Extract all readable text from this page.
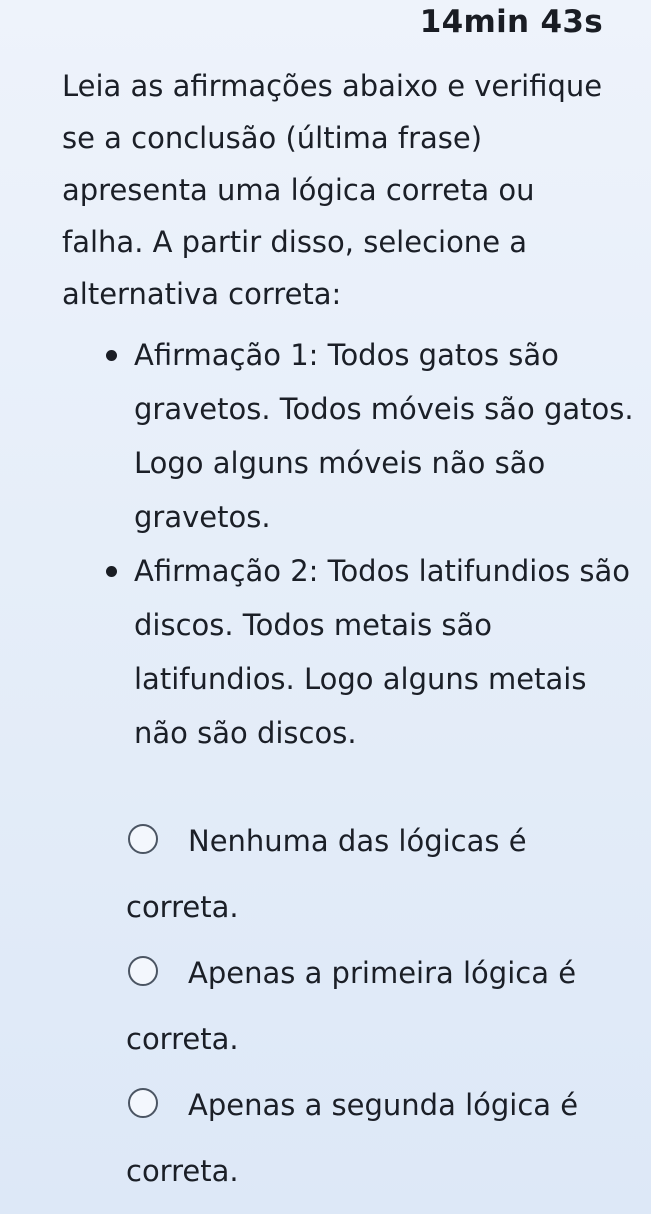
14min 43s
Leia as afirmações abaixo e verifique se a conclusão (última frase) apresenta uma lógica correta ou falha. A partir disso, selecione a alternativa correta:
Afirmação 1: Todos gatos são gravetos. Todos móveis são gatos. Logo alguns móveis não são gravetos.
Afirmação 2: Todos latifundios são discos. Todos metais são latifundios. Logo alguns metais não são discos.
Nenhuma das lógicas é correta.
Apenas a primeira lógica é correta.
Apenas a segunda lógica é correta.
